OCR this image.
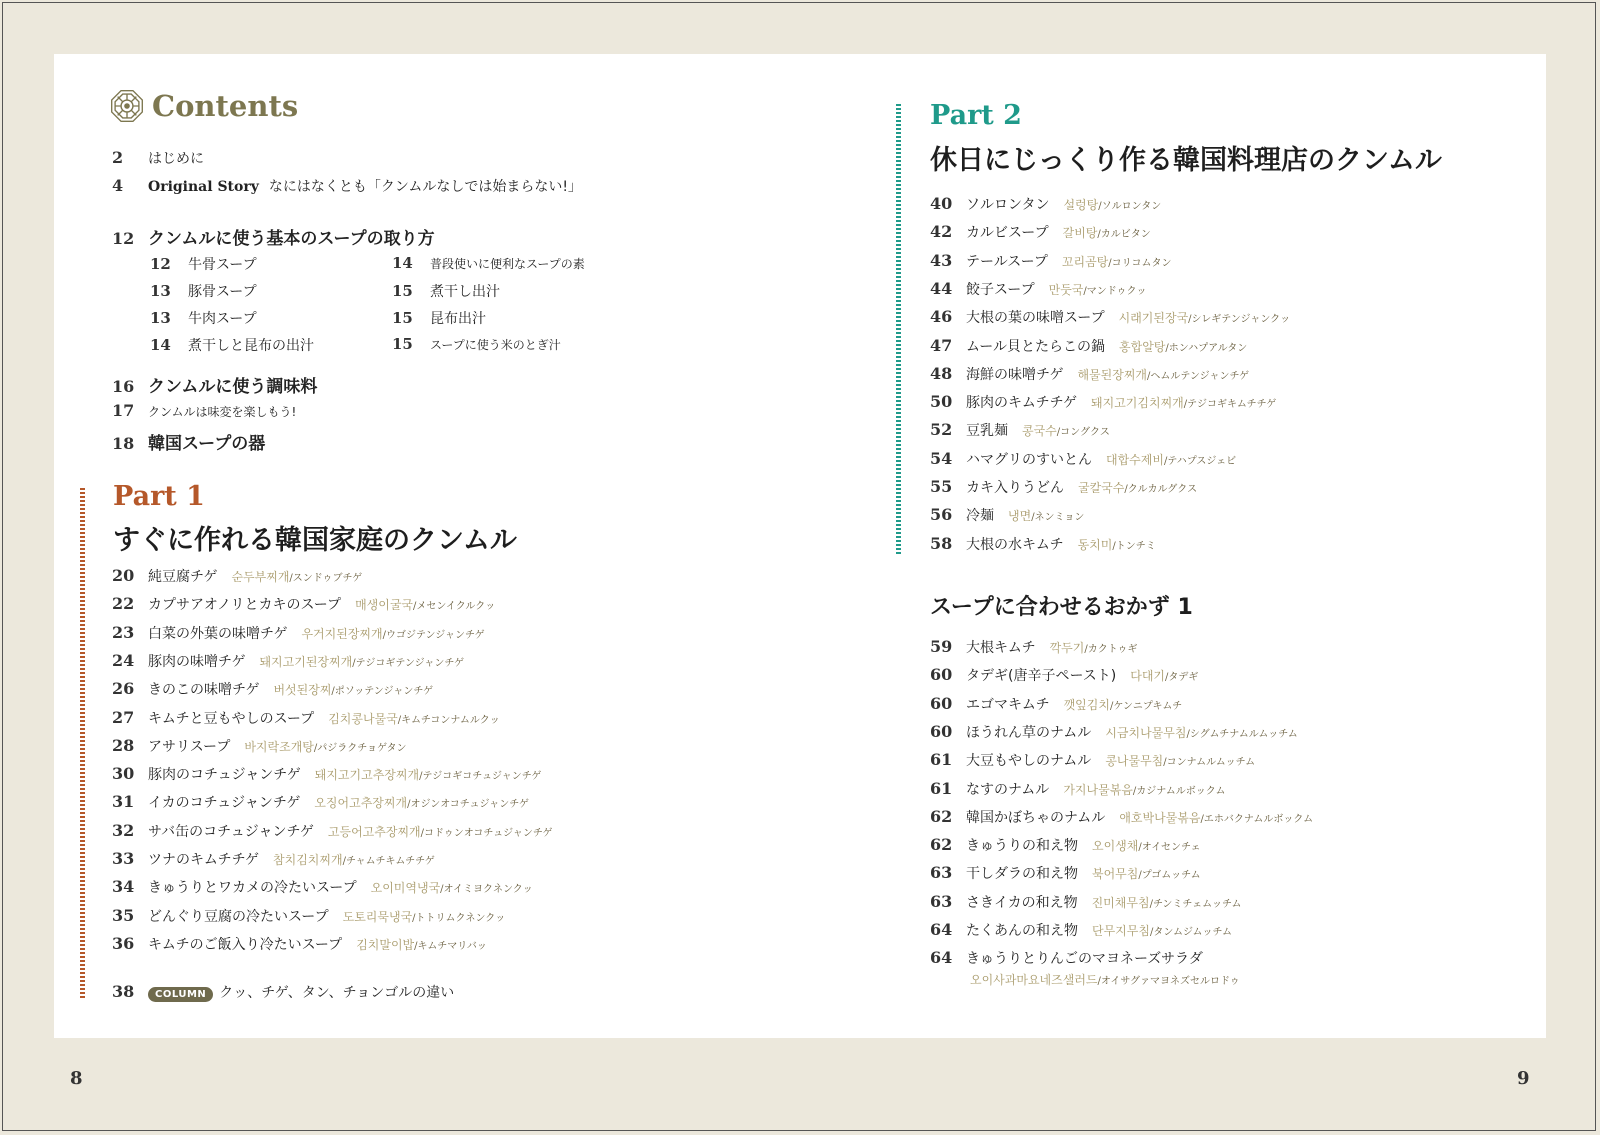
Contents
2	はじめに
4	Original Story なにはなくとも「クンムルなしでは始まらない!」
12 クンムルに使う基本のスープの取り方
12	牛骨スープ
13	豚骨スープ
13	牛肉スープ
14	煮干しと昆布の出汁
14	普段使いに便利なスープの素
15	煮干し出汁
15	昆布出汁
15	スープに使う米のとぎ汁
16 クンムルに使う調味料
17	クンムルは味変を楽しもう!
18 韓国スープの器
Part 1
すぐに作れる韓国家庭のクンムル
20 純豆腐チゲ 순두부찌개/スンドゥブチゲ
22 カプサアオノリとカキのスープ 매생이굴국/メセンイクルクッ
23 白菜の外葉の味噌チゲ 우거지된장찌개/ウゴジテンジャンチゲ
24 豚肉の味噌チゲ 돼지고기된장찌개/テジコギテンジャンチゲ
26 きのこの味噌チゲ 버섯된장찌/ポソッテンジャンチゲ
27 キムチと豆もやしのスープ 김치콩나물국/キムチコンナムルクッ
28 アサリスープ 바지락조개탕/パジラクチョゲタン
30 豚肉のコチュジャンチゲ 돼지고기고추장찌개/テジコギコチュジャンチゲ
31 イカのコチュジャンチゲ 오징어고추장찌개/オジンオコチュジャンチゲ
32 サバ缶のコチュジャンチゲ 고등어고추장찌개/コドゥンオコチュジャンチゲ
33 ツナのキムチチゲ 참치김치찌개/チャムチキムチチゲ
34 きゅうりとワカメの冷たいスープ 오이미역냉국/オイミヨクネンクッ
35 どんぐり豆腐の冷たいスープ 도토리묵냉국/トトリムクネンクッ
36 キムチのご飯入り冷たいスープ 김치말이밥/キムチマリバッ
38	COLUMN クッ、チゲ、タン、チョンゴルの違い
Part 2
休日にじっくり作る韓国料理店のクンムル
40 ソルロンタン 설렁탕/ソルロンタン
42 カルビスープ 갈비탕/カルビタン
43 テールスープ 꼬리곰탕/コリコムタン
44 餃子スープ 만둣국/マンドゥクッ
46 大根の葉の味噌スープ 시래기된장국/シレギテンジャンクッ
47 ムール貝とたらこの鍋 홍합알탕/ホンハプアルタン
48 海鮮の味噌チゲ 해물된장찌개/ヘムルテンジャンチゲ
50 豚肉のキムチチゲ 돼지고기김치찌개/テジコギキムチチゲ
52 豆乳麺 콩국수/コングクス
54 ハマグリのすいとん 대합수제비/テハプスジェビ
55 カキ入りうどん 굴칼국수/クルカルグクス
56 冷麺 냉면/ネンミョン
58 大根の水キムチ 동치미/トンチミ
スープに合わせるおかず 1
59 大根キムチ 깍두기/カクトゥギ
60 タデギ(唐辛子ペースト) 다대기/タデギ
60 エゴマキムチ 깻잎김치/ケンニプキムチ
60 ほうれん草のナムル 시금치나물무침/シグムチナムルムッチム
61 大豆もやしのナムル 콩나물무침/コンナムルムッチム
61 なすのナムル 가지나물볶음/カジナムルボックム
62 韓国かぼちゃのナムル 애호박나물볶음/エホバクナムルボックム
62 きゅうりの和え物 오이생채/オイセンチェ
63 干しダラの和え物 북어무침/プゴムッチム
63 さきイカの和え物 진미채무침/チンミチェムッチム
64 たくあんの和え物 단무지무침/タンムジムッチム
64 きゅうりとりんごのマヨネーズサラダ
오이사과마요네즈샐러드/オイサグァマヨネズセルロドゥ
8	9
